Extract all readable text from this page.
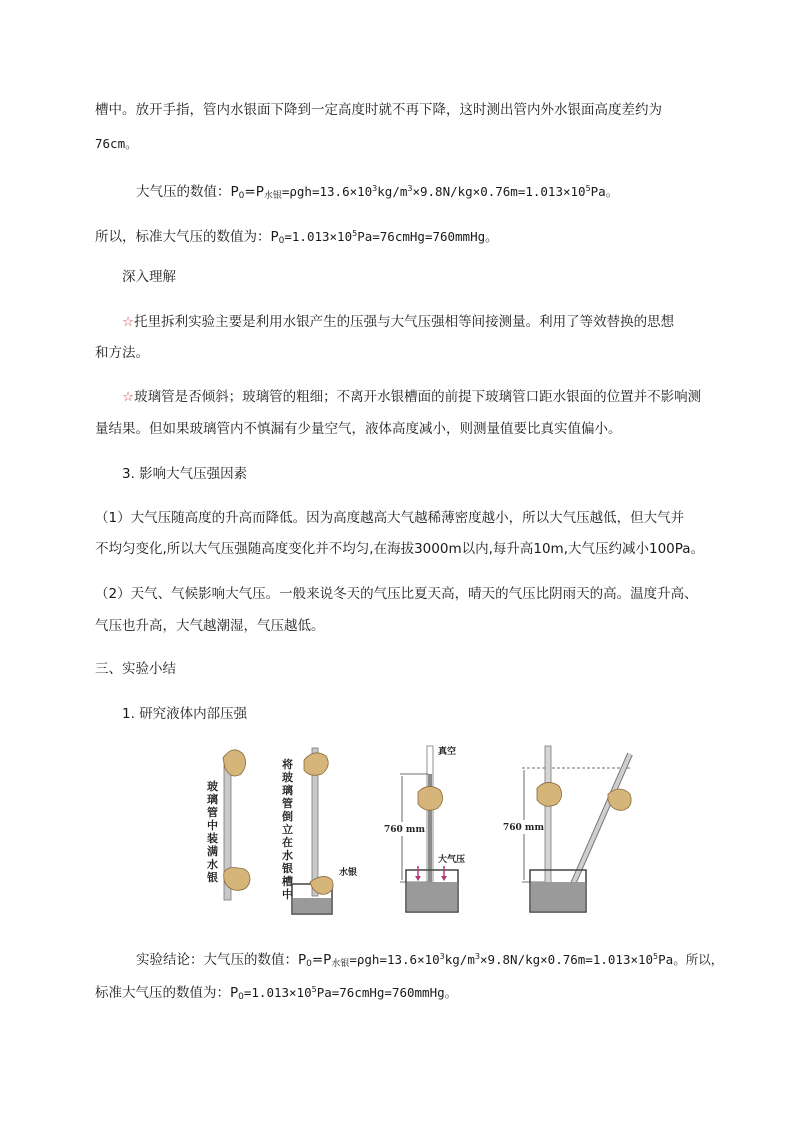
槽中。放开手指，管内水银面下降到一定高度时就不再下降，这时测出管内外水银面高度差约为
76cm。
大气压的数值：$P_0=P_{水银}=\rho gh=13.6\times 10^3kg/m^3\times 9.8N/kg\times 0.76m=1.013\times 10^5Pa$。
所以，标准大气压的数值为：$P_0=1.013\times 10^5Pa=76cmHg=760mmHg$。
深入理解
☆托里拆利实验主要是利用水银产生的压强与大气压强相等间接测量。利用了等效替换的思想
和方法。
☆玻璃管是否倾斜；玻璃管的粗细；不离开水银槽面的前提下玻璃管口距水银面的位置并不影响测
量结果。但如果玻璃管内不慎漏有少量空气，液体高度减小，则测量值要比真实值偏小。
3. 影响大气压强因素
（1）大气压随高度的升高而降低。因为高度越高大气越稀薄密度越小，所以大气压越低，但大气并
不均匀变化,所以大气压强随高度变化并不均匀,在海拔3000m以内,每升高10m,大气压约减小100Pa。
（2）天气、气候影响大气压。一般来说冬天的气压比夏天高，晴天的气压比阴雨天的高。温度升高、
气压也升高，大气越潮湿，气压越低。
三、实验小结
1. 研究液体内部压强
玻 璃 管 中 装 满 水 银
将 玻 璃 管 倒 立 在 水 银 槽 中
水银
真空
760 mm
大气压
760 mm
实验结论：大气压的数值：$P_0=P_{水银}=\rho gh=13.6\times 10^3kg/m^3\times 9.8N/kg\times 0.76m=1.013\times 10^5Pa$。所以，
标准大气压的数值为：$P_0=1.013\times 10^5Pa=76cmHg=760mmHg$。
